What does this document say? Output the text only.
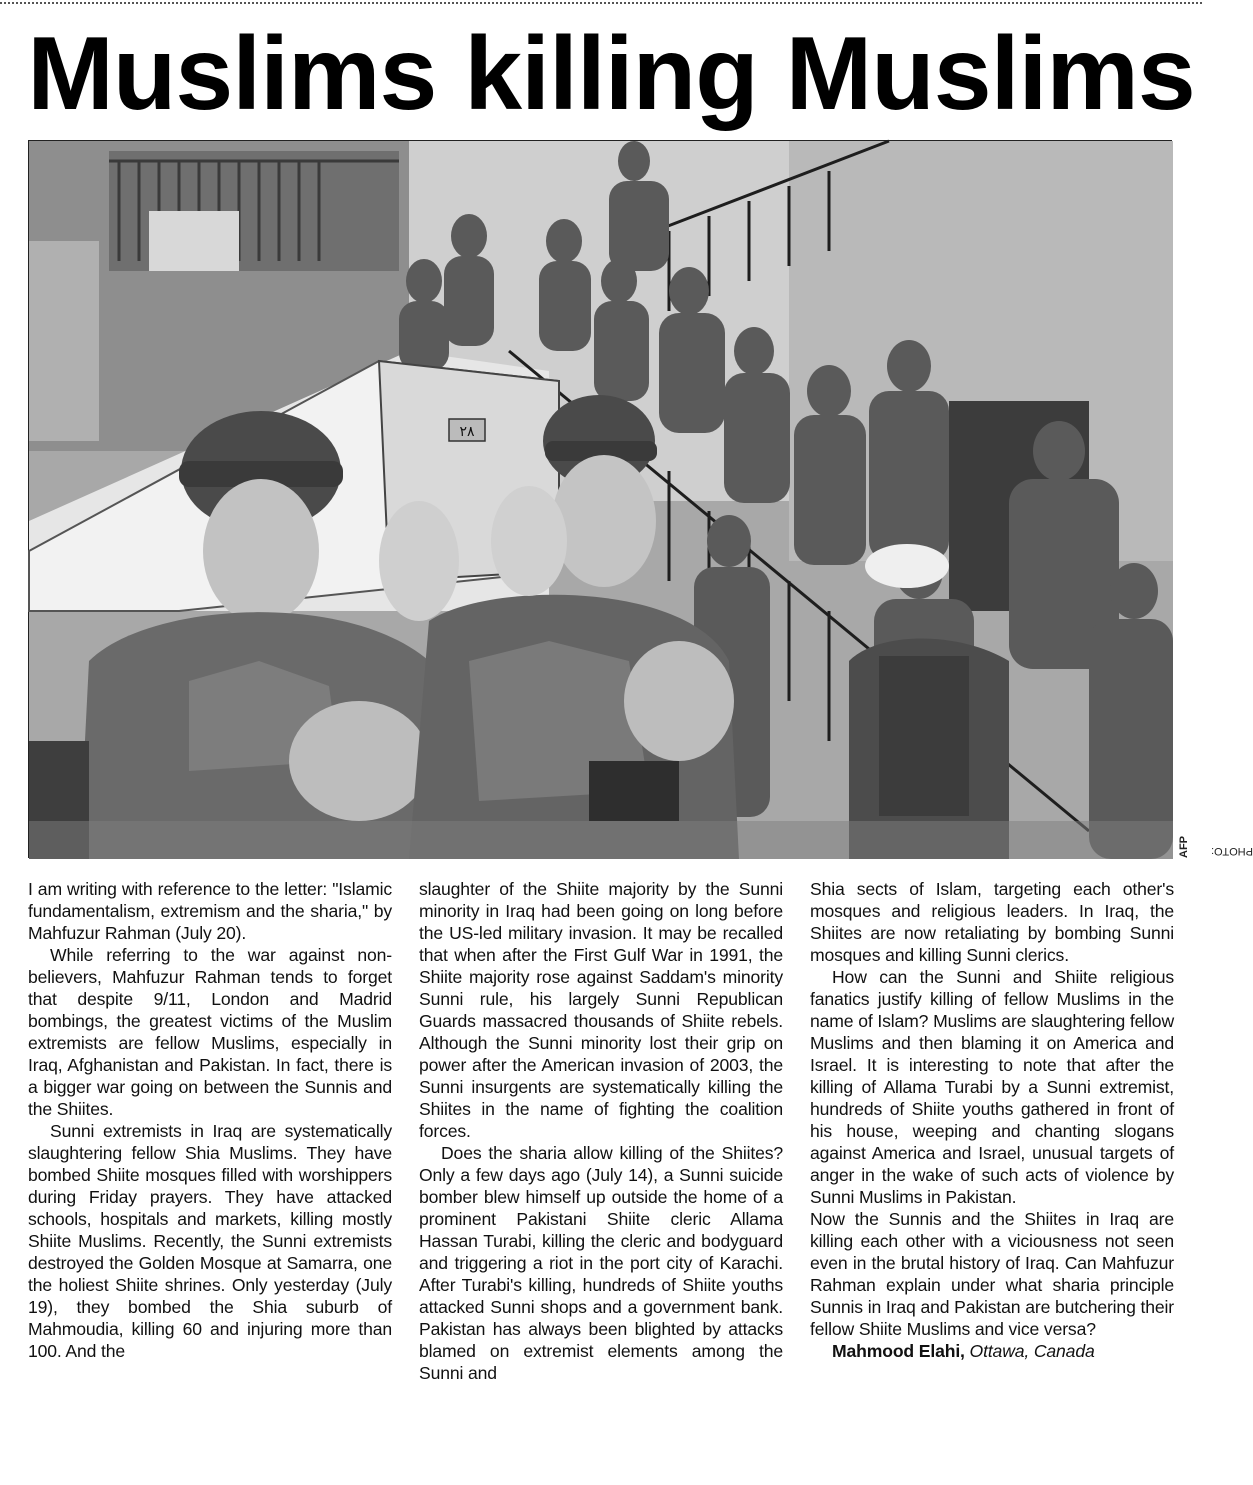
Muslims killing Muslims
٢٨
PHOTO:
AFP

I am writing with reference to the letter: "Islamic fundamentalism, extremism and the sharia," by Mahfuzur Rahman (July 20).

While referring to the war against non-believers, Mahfuzur Rahman tends to forget that despite 9/11, London and Madrid bombings, the greatest victims of the Muslim extremists are fellow Muslims, especially in Iraq, Afghanistan and Pakistan. In fact, there is a bigger war going on between the Sunnis and the Shiites.

Sunni extremists in Iraq are systematically slaughtering fellow Shia Muslims. They have bombed Shiite mosques filled with worshippers during Friday prayers. They have attacked schools, hospitals and markets, killing mostly Shiite Muslims. Recently, the Sunni extremists destroyed the Golden Mosque at Samarra, one the holiest Shiite shrines. Only yesterday (July 19), they bombed the Shia suburb of Mahmoudia, killing 60 and injuring more than 100. And the

slaughter of the Shiite majority by the Sunni minority in Iraq had been going on long before the US-led military invasion. It may be recalled that when after the First Gulf War in 1991, the Shiite majority rose against Saddam's minority Sunni rule, his largely Sunni Republican Guards massacred thousands of Shiite rebels. Although the Sunni minority lost their grip on power after the American invasion of 2003, the Sunni insurgents are systematically killing the Shiites in the name of fighting the coalition forces.

Does the sharia allow killing of the Shiites? Only a few days ago (July 14), a Sunni suicide bomber blew himself up outside the home of a prominent Pakistani Shiite cleric Allama Hassan Turabi, killing the cleric and bodyguard and triggering a riot in the port city of Karachi. After Turabi's killing, hundreds of Shiite youths attacked Sunni shops and a government bank. Pakistan has always been blighted by attacks blamed on extremist elements among the Sunni and

Shia sects of Islam, targeting each other's mosques and religious leaders. In Iraq, the Shiites are now retaliating by bombing Sunni mosques and killing Sunni clerics.

How can the Sunni and Shiite religious fanatics justify killing of fellow Muslims in the name of Islam? Muslims are slaughtering fellow Muslims and then blaming it on America and Israel. It is interesting to note that after the killing of Allama Turabi by a Sunni extremist, hundreds of Shiite youths gathered in front of his house, weeping and chanting slogans against America and Israel, unusual targets of anger in the wake of such acts of violence by Sunni Muslims in Pakistan.

Now the Sunnis and the Shiites in Iraq are killing each other with a viciousness not seen even in the brutal history of Iraq. Can Mahfuzur Rahman explain under what sharia principle Sunnis in Iraq and Pakistan are butchering their fellow Shiite Muslims and vice versa?

Mahmood Elahi, Ottawa, Canada
